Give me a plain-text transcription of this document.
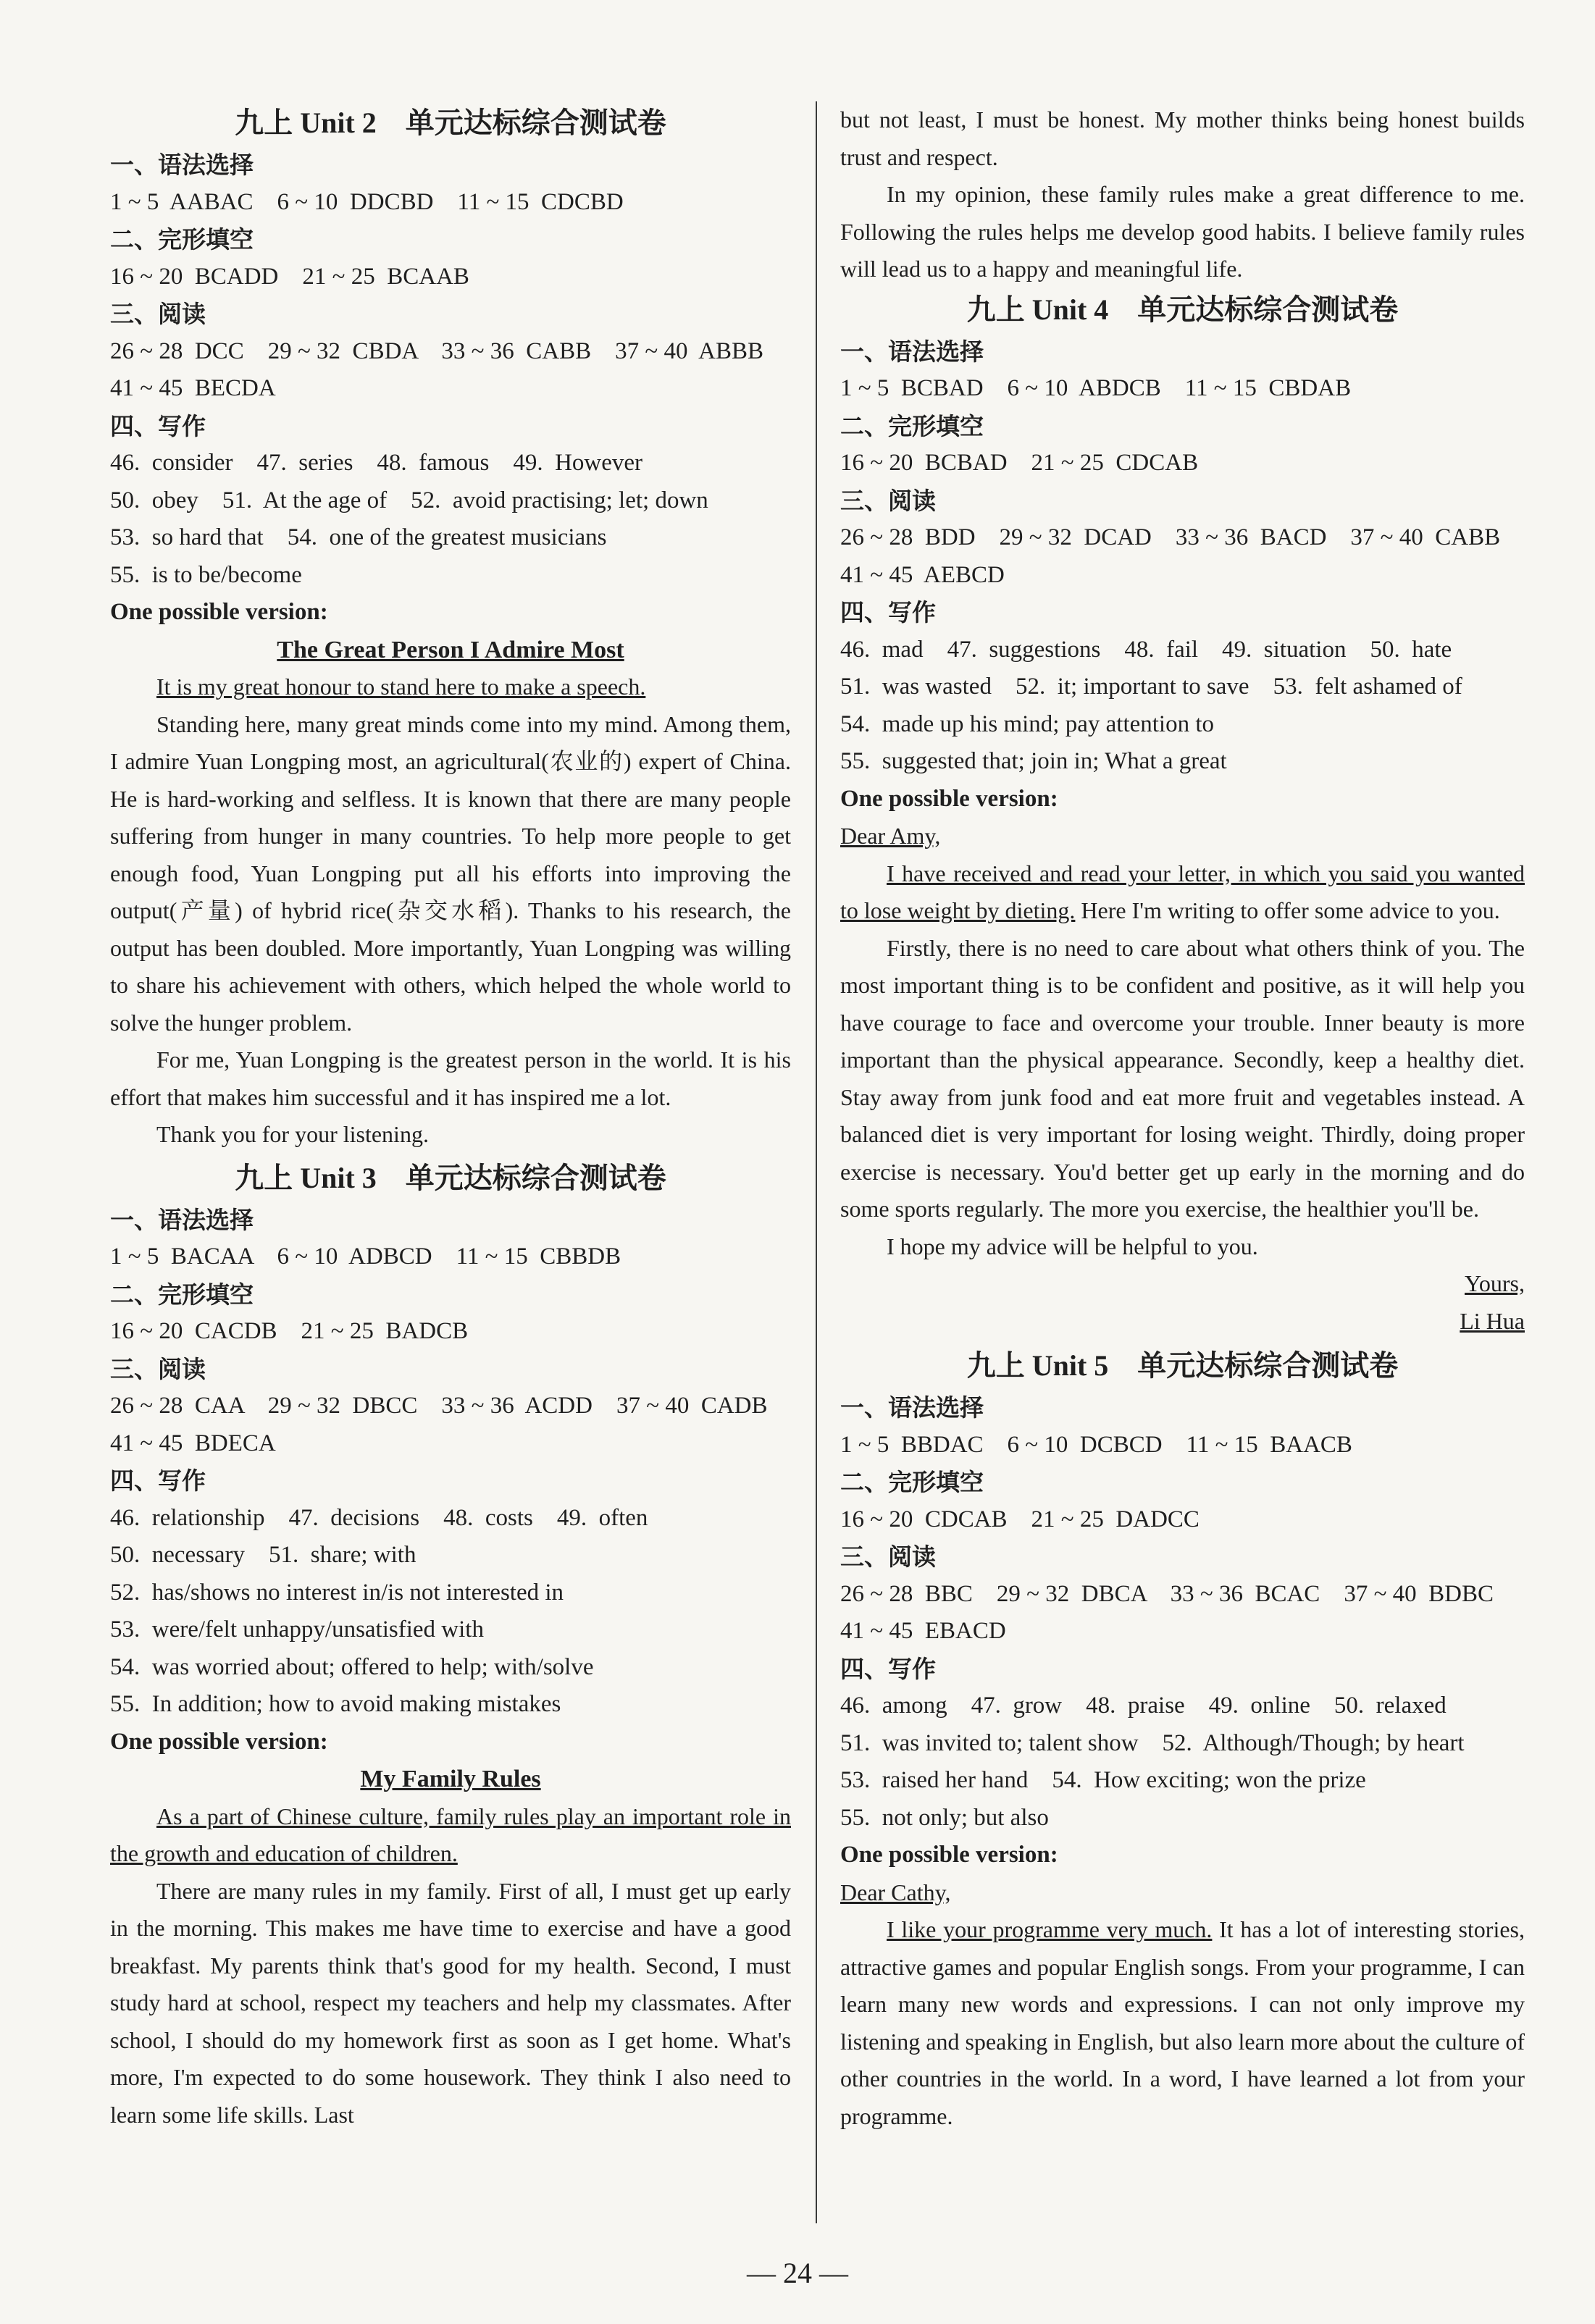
九上 Unit 2　单元达标综合测试卷
一、语法选择
1 ~ 5  AABAC    6 ~ 10  DDCBD    11 ~ 15  CDCBD
二、完形填空
16 ~ 20  BCADD    21 ~ 25  BCAAB
三、阅读
26 ~ 28  DCC    29 ~ 32  CBDA    33 ~ 36  CABB    37 ~ 40  ABBB
41 ~ 45  BECDA
四、写作
46.  consider    47.  series    48.  famous    49.  However
50.  obey    51.  At the age of    52.  avoid practising; let; down
53.  so hard that    54.  one of the greatest musicians
55.  is to be/become
One possible version:
The Great Person I Admire Most

It is my great honour to stand here to make a speech.

Standing here, many great minds come into my mind. Among them, I admire Yuan Longping most, an agricultural(农业的) expert of China. He is hard-working and selfless. It is known that there are many people suffering from hunger in many countries. To help more people to get enough food, Yuan Longping put all his efforts into improving the output(产量) of hybrid rice(杂交水稻). Thanks to his research, the output has been doubled. More importantly, Yuan Longping was willing to share his achievement with others, which helped the whole world to solve the hunger problem.

For me, Yuan Longping is the greatest person in the world. It is his effort that makes him successful and it has inspired me a lot.

Thank you for your listening.

九上 Unit 3　单元达标综合测试卷
一、语法选择
1 ~ 5  BACAA    6 ~ 10  ADBCD    11 ~ 15  CBBDB
二、完形填空
16 ~ 20  CACDB    21 ~ 25  BADCB
三、阅读
26 ~ 28  CAA    29 ~ 32  DBCC    33 ~ 36  ACDD    37 ~ 40  CADB
41 ~ 45  BDECA
四、写作
46.  relationship    47.  decisions    48.  costs    49.  often
50.  necessary    51.  share; with
52.  has/shows no interest in/is not interested in
53.  were/felt unhappy/unsatisfied with
54.  was worried about; offered to help; with/solve
55.  In addition; how to avoid making mistakes
One possible version:
My Family Rules

As a part of Chinese culture, family rules play an important role in the growth and education of children.

There are many rules in my family. First of all, I must get up early in the morning. This makes me have time to exercise and have a good breakfast. My parents think that's good for my health. Second, I must study hard at school, respect my teachers and help my classmates. After school, I should do my homework first as soon as I get home. What's more, I'm expected to do some housework. They think I also need to learn some life skills. Last

but not least, I must be honest. My mother thinks being honest builds trust and respect.

In my opinion, these family rules make a great difference to me. Following the rules helps me develop good habits. I believe family rules will lead us to a happy and meaningful life.

九上 Unit 4　单元达标综合测试卷
一、语法选择
1 ~ 5  BCBAD    6 ~ 10  ABDCB    11 ~ 15  CBDAB
二、完形填空
16 ~ 20  BCBAD    21 ~ 25  CDCAB
三、阅读
26 ~ 28  BDD    29 ~ 32  DCAD    33 ~ 36  BACD    37 ~ 40  CABB
41 ~ 45  AEBCD
四、写作
46.  mad    47.  suggestions    48.  fail    49.  situation    50.  hate
51.  was wasted    52.  it; important to save    53.  felt ashamed of
54.  made up his mind; pay attention to
55.  suggested that; join in; What a great
One possible version:
Dear Amy,

I have received and read your letter, in which you said you wanted to lose weight by dieting. Here I'm writing to offer some advice to you.

Firstly, there is no need to care about what others think of you. The most important thing is to be confident and positive, as it will help you have courage to face and overcome your trouble. Inner beauty is more important than the physical appearance. Secondly, keep a healthy diet. Stay away from junk food and eat more fruit and vegetables instead. A balanced diet is very important for losing weight. Thirdly, doing proper exercise is necessary. You'd better get up early in the morning and do some sports regularly. The more you exercise, the healthier you'll be.

I hope my advice will be helpful to you.

Yours,
Li Hua
九上 Unit 5　单元达标综合测试卷
一、语法选择
1 ~ 5  BBDAC    6 ~ 10  DCBCD    11 ~ 15  BAACB
二、完形填空
16 ~ 20  CDCAB    21 ~ 25  DADCC
三、阅读
26 ~ 28  BBC    29 ~ 32  DBCA    33 ~ 36  BCAC    37 ~ 40  BDBC
41 ~ 45  EBACD
四、写作
46.  among    47.  grow    48.  praise    49.  online    50.  relaxed
51.  was invited to; talent show    52.  Although/Though; by heart
53.  raised her hand    54.  How exciting; won the prize
55.  not only; but also
One possible version:
Dear Cathy,

I like your programme very much. It has a lot of interesting stories, attractive games and popular English songs. From your programme, I can learn many new words and expressions. I can not only improve my listening and speaking in English, but also learn more about the culture of other countries in the world. In a word, I have learned a lot from your programme.

— 24 —
